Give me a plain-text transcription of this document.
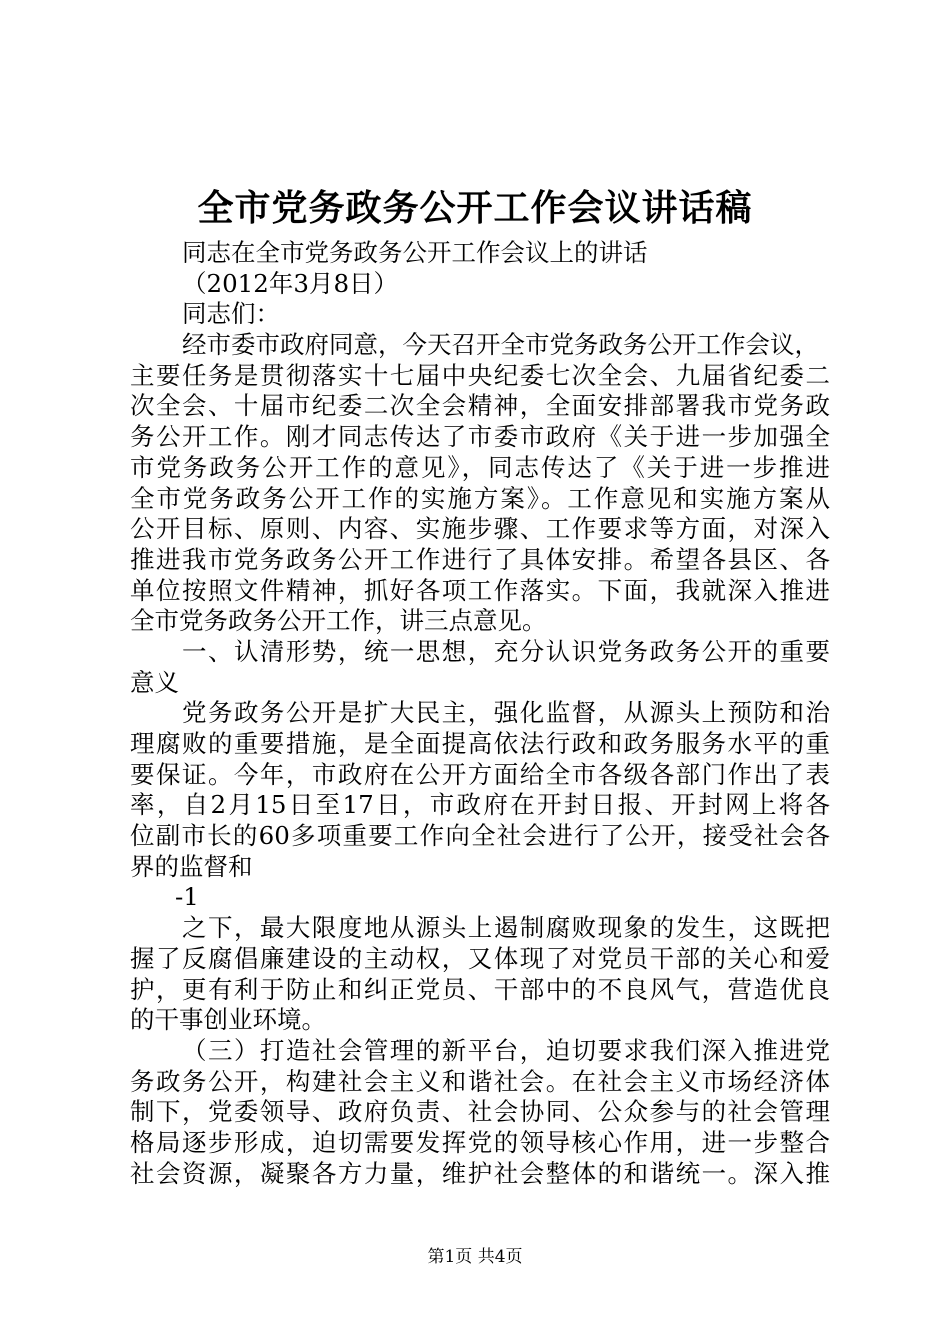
全市党务政务公开工作会议讲话稿
同志在全市党务政务公开工作会议上的讲话
（2012年3月8日）
同志们：
经市委市政府同意，今天召开全市党务政务公开工作会议，
主要任务是贯彻落实十七届中央纪委七次全会、九届省纪委二
次全会、十届市纪委二次全会精神，全面安排部署我市党务政
务公开工作。刚才同志传达了市委市政府《关于进一步加强全
市党务政务公开工作的意见》，同志传达了《关于进一步推进
全市党务政务公开工作的实施方案》。工作意见和实施方案从
公开目标、原则、内容、实施步骤、工作要求等方面，对深入
推进我市党务政务公开工作进行了具体安排。希望各县区、各
单位按照文件精神，抓好各项工作落实。下面，我就深入推进
全市党务政务公开工作，讲三点意见。
一、认清形势，统一思想，充分认识党务政务公开的重要
意义
党务政务公开是扩大民主，强化监督，从源头上预防和治
理腐败的重要措施，是全面提高依法行政和政务服务水平的重
要保证。今年，市政府在公开方面给全市各级各部门作出了表
率，自2月15日至17日，市政府在开封日报、开封网上将各
位副市长的60多项重要工作向全社会进行了公开，接受社会各
界的监督和
-1
之下，最大限度地从源头上遏制腐败现象的发生，这既把
握了反腐倡廉建设的主动权，又体现了对党员干部的关心和爱
护，更有利于防止和纠正党员、干部中的不良风气，营造优良
的干事创业环境。
（三）打造社会管理的新平台，迫切要求我们深入推进党
务政务公开，构建社会主义和谐社会。在社会主义市场经济体
制下，党委领导、政府负责、社会协同、公众参与的社会管理
格局逐步形成，迫切需要发挥党的领导核心作用，进一步整合
社会资源，凝聚各方力量，维护社会整体的和谐统一。深入推
第1页 共4页
